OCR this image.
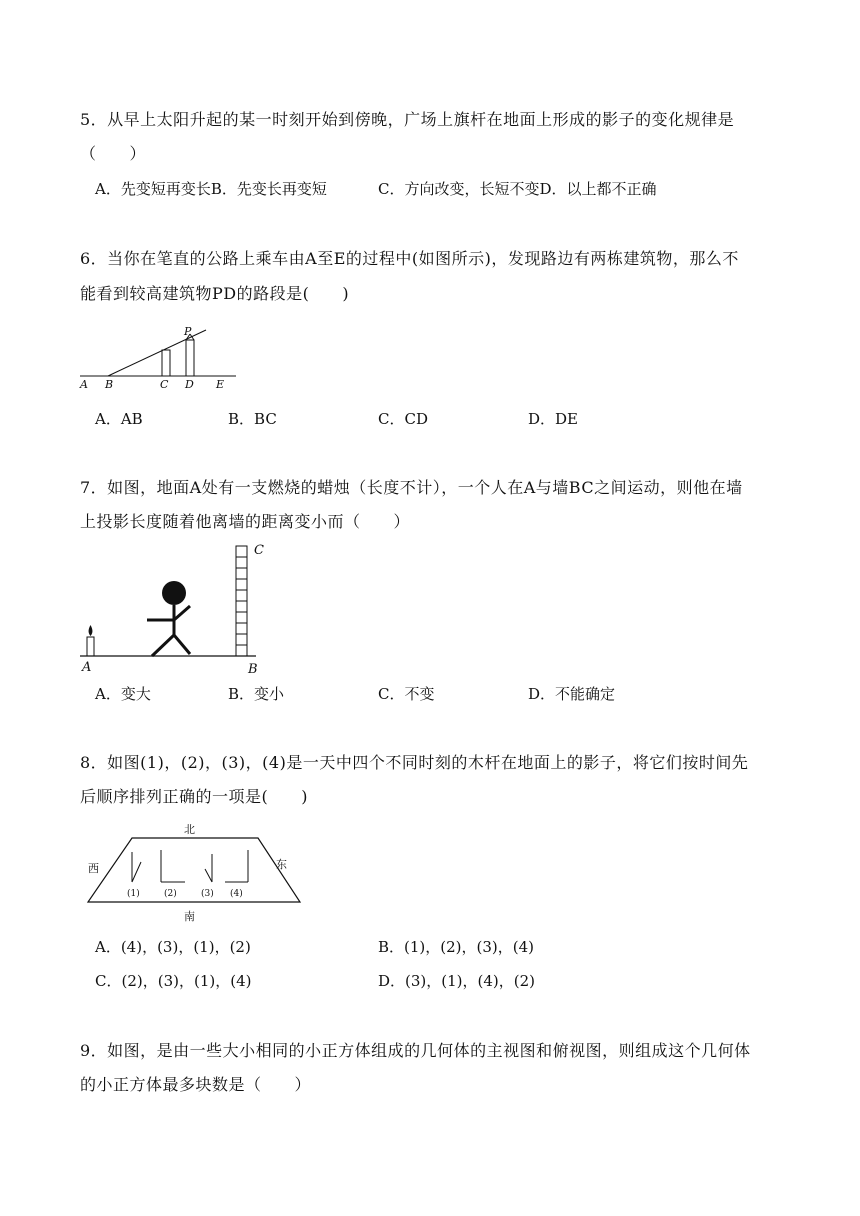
5．从早上太阳升起的某一时刻开始到傍晚，广场上旗杆在地面上形成的影子的变化规律是
（　　）
A．先变短再变长B．先变长再变短	C．方向改变，长短不变D．以上都不正确
6．当你在笔直的公路上乘车由A至E的过程中(如图所示)，发现路边有两栋建筑物，那么不
能看到较高建筑物PD的路段是(　　)
A B	C D E
P
A．AB	B．BC	C．CD	D．DE
7．如图，地面A处有一支燃烧的蜡烛（长度不计），一个人在A与墙BC之间运动，则他在墙
上投影长度随着他离墙的距离变小而（　　）
A	B
C
A．变大	B．变小	C．不变	D．不能确定
8．如图(1)，(2)，(3)，(4)是一天中四个不同时刻的木杆在地面上的影子，将它们按时间先
后顺序排列正确的一项是(　　)
北
南
西	东
(1)	(2)	(3) (4)
A．(4)，(3)，(1)，(2)	B．(1)，(2)，(3)，(4)
C．(2)，(3)，(1)，(4)	D．(3)，(1)，(4)，(2)
9．如图，是由一些大小相同的小正方体组成的几何体的主视图和俯视图，则组成这个几何体
的小正方体最多块数是（　　）
